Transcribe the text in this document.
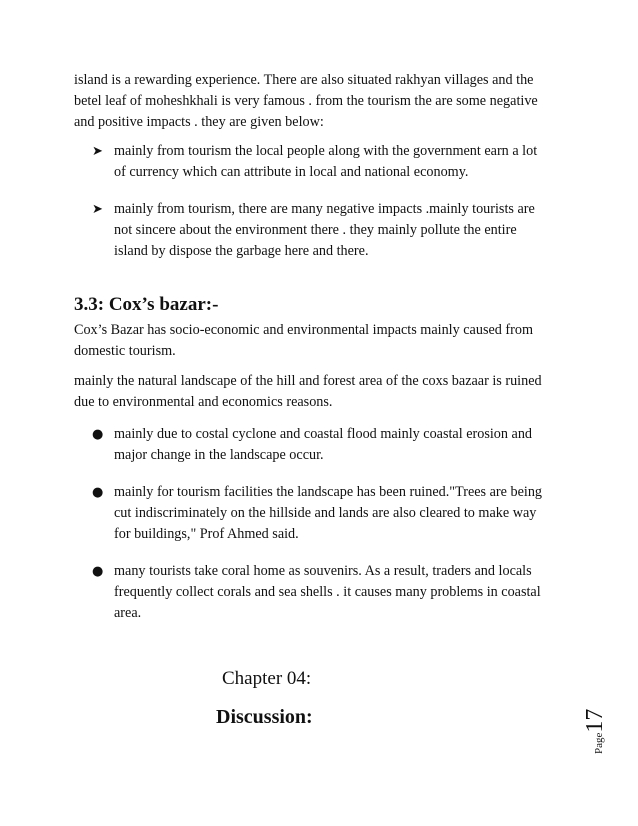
island is a rewarding experience. There are also situated rakhyan villages and the
betel leaf of moheshkhali is very famous . from the tourism the are some negative
and positive impacts . they are given below:
➤ mainly from tourism the local people along with the government earn a lot
of currency which can attribute in local and national economy.
➤ mainly from tourism, there are many negative impacts .mainly tourists are
not sincere about the environment there . they mainly pollute the entire
island by dispose the garbage here and there.
3.3: Cox’s bazar:-
Cox’s Bazar has socio-economic and environmental impacts mainly caused from
domestic tourism.
mainly the natural landscape of the hill and forest area of the coxs bazaar is ruined
due to environmental and economics reasons.
● mainly due to costal cyclone and coastal flood mainly coastal erosion and
major change in the landscape occur.
● mainly for tourism facilities the landscape has been ruined."Trees are being
cut indiscriminately on the hillside and lands are also cleared to make way
for buildings," Prof Ahmed said.
● many tourists take coral home as souvenirs. As a result, traders and locals
frequently collect corals and sea shells . it causes many problems in coastal
area.
Chapter 04:
Discussion:
Page17
